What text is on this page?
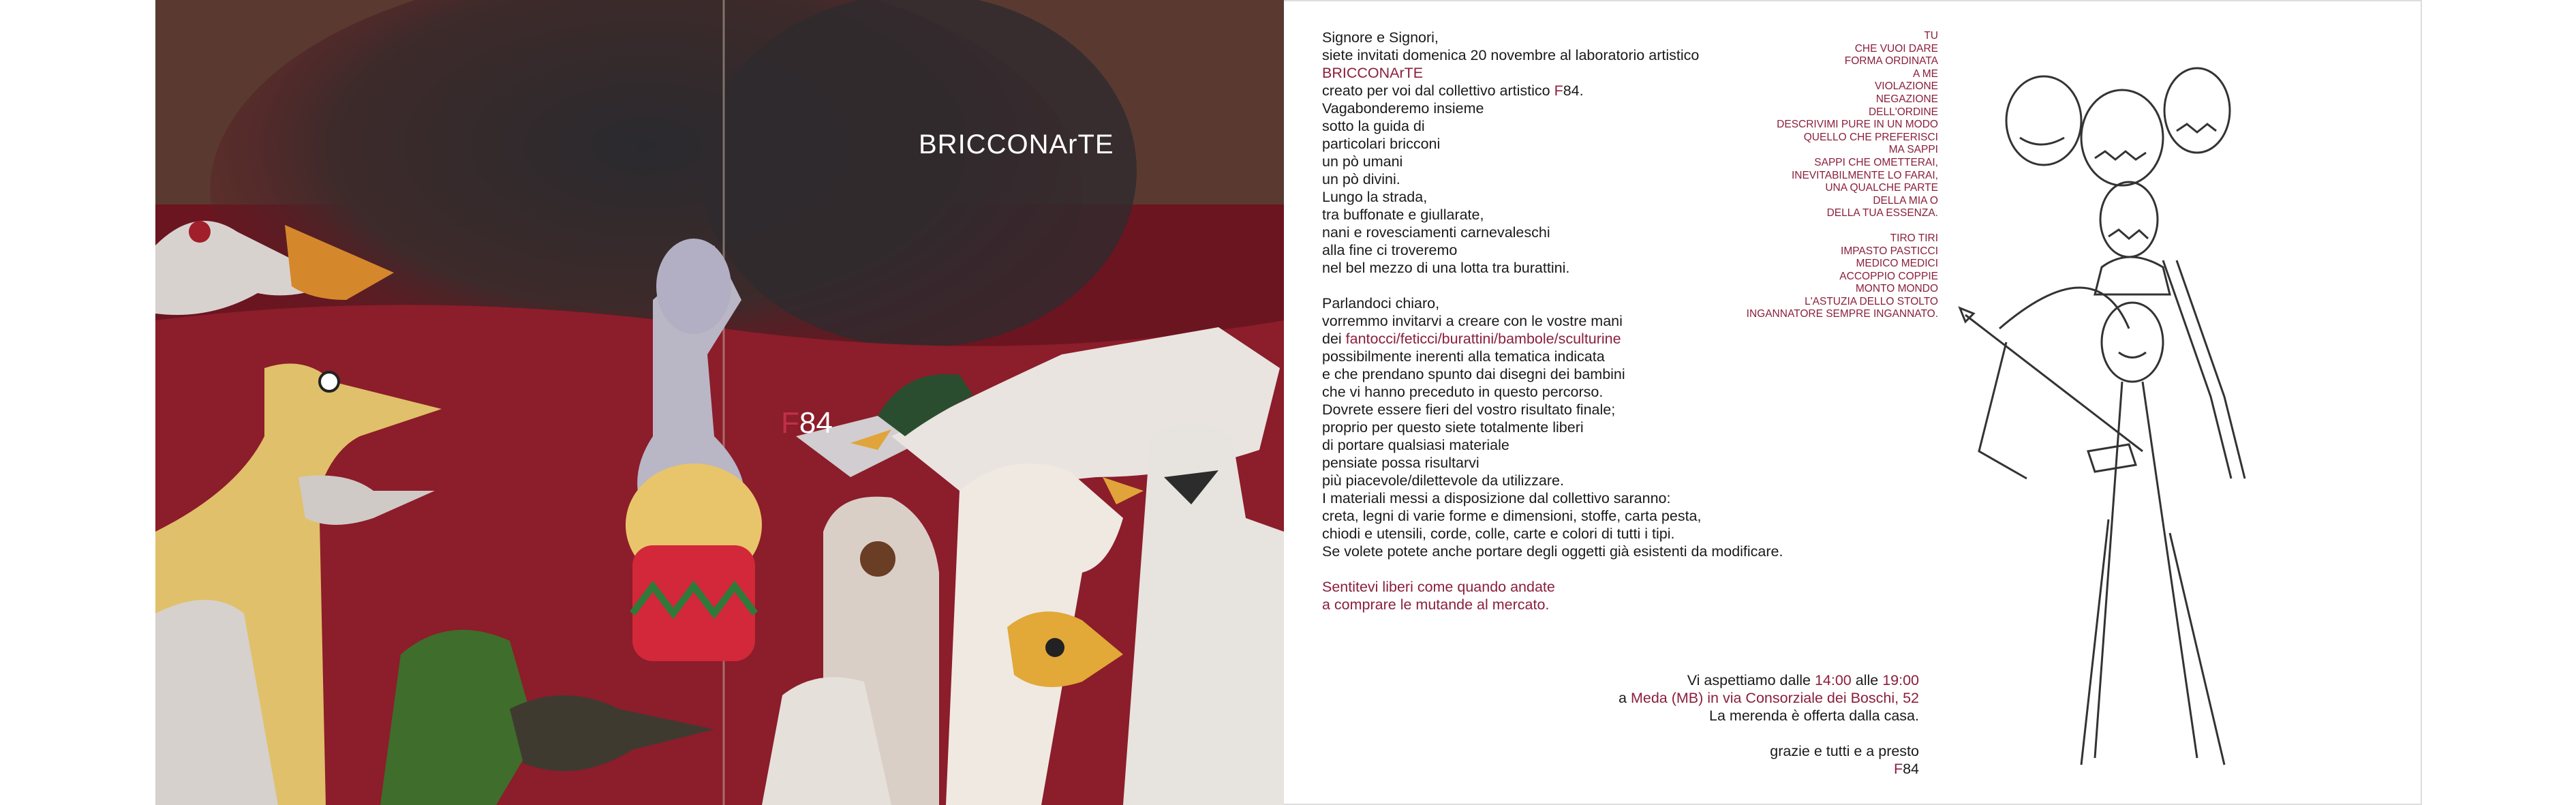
BRICCONArTE
F84

Signore e Signori,

siete invitati domenica 20 novembre al laboratorio artistico

BRICCONArTE

creato per voi dal collettivo artistico F84.

Vagabonderemo insieme

sotto la guida di

particolari bricconi

un pò umani

un pò divini.

Lungo la strada,

tra buffonate e giullarate,

nani e rovesciamenti carnevaleschi

alla fine ci troveremo

nel bel mezzo di una lotta tra burattini.

Parlandoci chiaro,

vorremmo invitarvi a creare con le vostre mani

dei fantocci/feticci/burattini/bambole/sculturine

possibilmente inerenti alla tematica indicata

e che prendano spunto dai disegni dei bambini

che vi hanno preceduto in questo percorso.

Dovrete essere fieri del vostro risultato finale;

proprio per questo siete totalmente liberi

di portare qualsiasi materiale

pensiate possa risultarvi

più piacevole/dilettevole da utilizzare.

I materiali messi a disposizione dal collettivo saranno:

creta, legni di varie forme e dimensioni, stoffe, carta pesta,

chiodi e utensili, corde, colle, carte e colori di tutti i tipi.

Se volete potete anche portare degli oggetti già esistenti da modificare.

Sentitevi liberi come quando andate

a comprare le mutande al mercato.

Vi aspettiamo dalle 14:00 alle 19:00

a Meda (MB) in via Consorziale dei Boschi, 52

La merenda è offerta dalla casa.

grazie e tutti e a presto

F84

TU

CHE VUOI DARE

FORMA ORDINATA

A ME

VIOLAZIONE

NEGAZIONE

DELL'ORDINE

DESCRIVIMI PURE IN UN MODO

QUELLO CHE PREFERISCI

MA SAPPI

SAPPI CHE OMETTERAI,

INEVITABILMENTE LO FARAI,

UNA QUALCHE PARTE

DELLA MIA O

DELLA TUA ESSENZA.

TIRO TIRI

IMPASTO PASTICCI

MEDICO MEDICI

ACCOPPIO COPPIE

MONTO MONDO

L'ASTUZIA DELLO STOLTO

INGANNATORE SEMPRE INGANNATO.
